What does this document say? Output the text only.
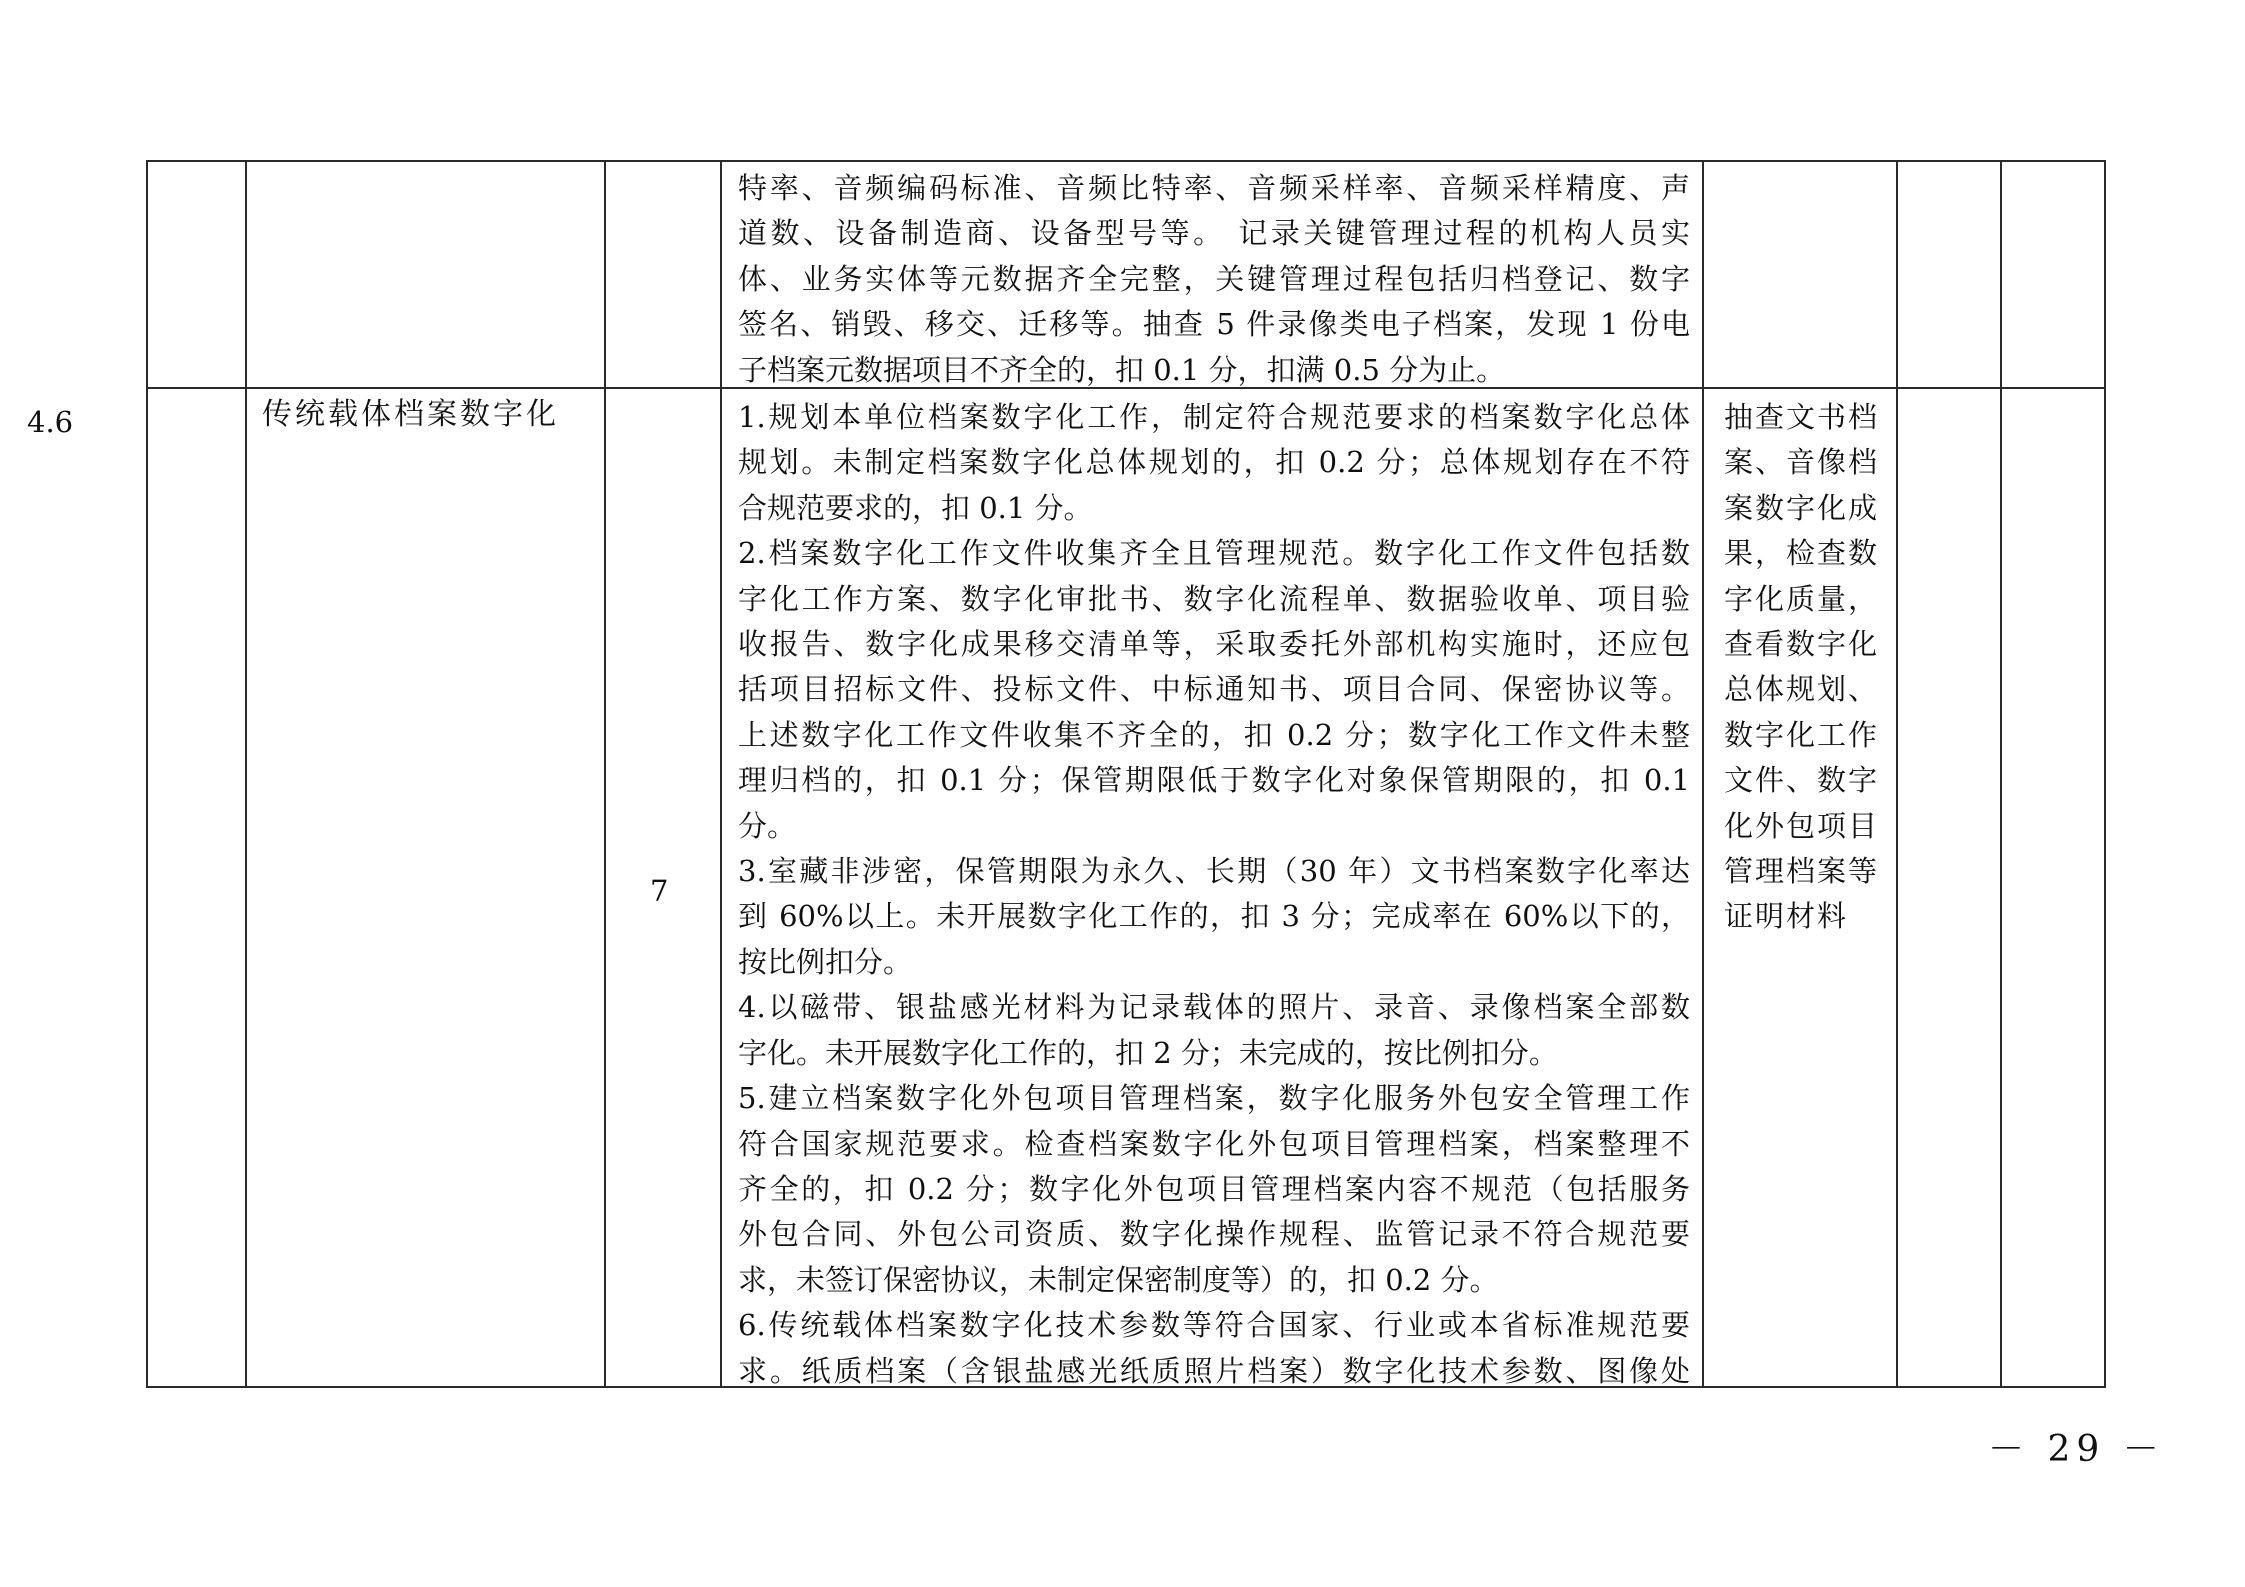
特率、音频编码标准、音频比特率、音频采样率、音频采样精度、声

道数、设备制造商、设备型号等。 记录关键管理过程的机构人员实

体、业务实体等元数据齐全完整，关键管理过程包括归档登记、数字

签名、销毁、移交、迁移等。抽查 5 件录像类电子档案，发现 1 份电

子档案元数据项目不齐全的，扣 0.1 分，扣满 0.5 分为止。

4.6	传统载体档案数字化
7

1.规划本单位档案数字化工作，制定符合规范要求的档案数字化总体

规划。未制定档案数字化总体规划的，扣 0.2 分；总体规划存在不符

合规范要求的，扣 0.1 分。

2.档案数字化工作文件收集齐全且管理规范。数字化工作文件包括数

字化工作方案、数字化审批书、数字化流程单、数据验收单、项目验

收报告、数字化成果移交清单等，采取委托外部机构实施时，还应包

括项目招标文件、投标文件、中标通知书、项目合同、保密协议等。

上述数字化工作文件收集不齐全的，扣 0.2 分；数字化工作文件未整

理归档的，扣 0.1 分；保管期限低于数字化对象保管期限的，扣 0.1

分。

3.室藏非涉密，保管期限为永久、长期（30 年）文书档案数字化率达

到 60%以上。未开展数字化工作的，扣 3 分；完成率在 60%以下的，

按比例扣分。

4.以磁带、银盐感光材料为记录载体的照片、录音、录像档案全部数

字化。未开展数字化工作的，扣 2 分；未完成的，按比例扣分。

5.建立档案数字化外包项目管理档案，数字化服务外包安全管理工作

符合国家规范要求。检查档案数字化外包项目管理档案，档案整理不

齐全的，扣 0.2 分；数字化外包项目管理档案内容不规范（包括服务

外包合同、外包公司资质、数字化操作规程、监管记录不符合规范要

求，未签订保密协议，未制定保密制度等）的，扣 0.2 分。

6.传统载体档案数字化技术参数等符合国家、行业或本省标准规范要

求。纸质档案（含银盐感光纸质照片档案）数字化技术参数、图像处

抽查文书档

案、音像档

案数字化成

果，检查数

字化质量，

查看数字化

总体规划、

数字化工作

文件、数字

化外包项目

管理档案等

证明材料

－ 29 －
